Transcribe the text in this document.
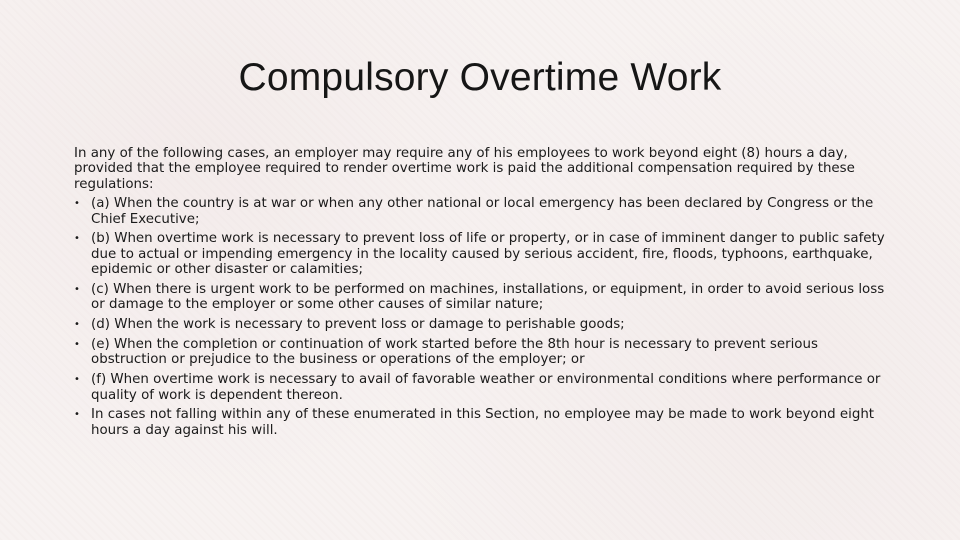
Compulsory Overtime Work

In any of the following cases, an employer may require any of his employees to work beyond eight (8) hours a day, provided that the employee required to render overtime work is paid the additional compensation required by these regulations:

• (a) When the country is at war or when any other national or local emergency has been declared by Congress or the Chief Executive;
• (b) When overtime work is necessary to prevent loss of life or property, or in case of imminent danger to public safety due to actual or impending emergency in the locality caused by serious accident, fire, floods, typhoons, earthquake, epidemic or other disaster or calamities;
• (c) When there is urgent work to be performed on machines, installations, or equipment, in order to avoid serious loss or damage to the employer or some other causes of similar nature;
• (d) When the work is necessary to prevent loss or damage to perishable goods;
• (e) When the completion or continuation of work started before the 8th hour is necessary to prevent serious obstruction or prejudice to the business or operations of the employer; or
• (f) When overtime work is necessary to avail of favorable weather or environmental conditions where performance or quality of work is dependent thereon.
• In cases not falling within any of these enumerated in this Section, no employee may be made to work beyond eight hours a day against his will.
